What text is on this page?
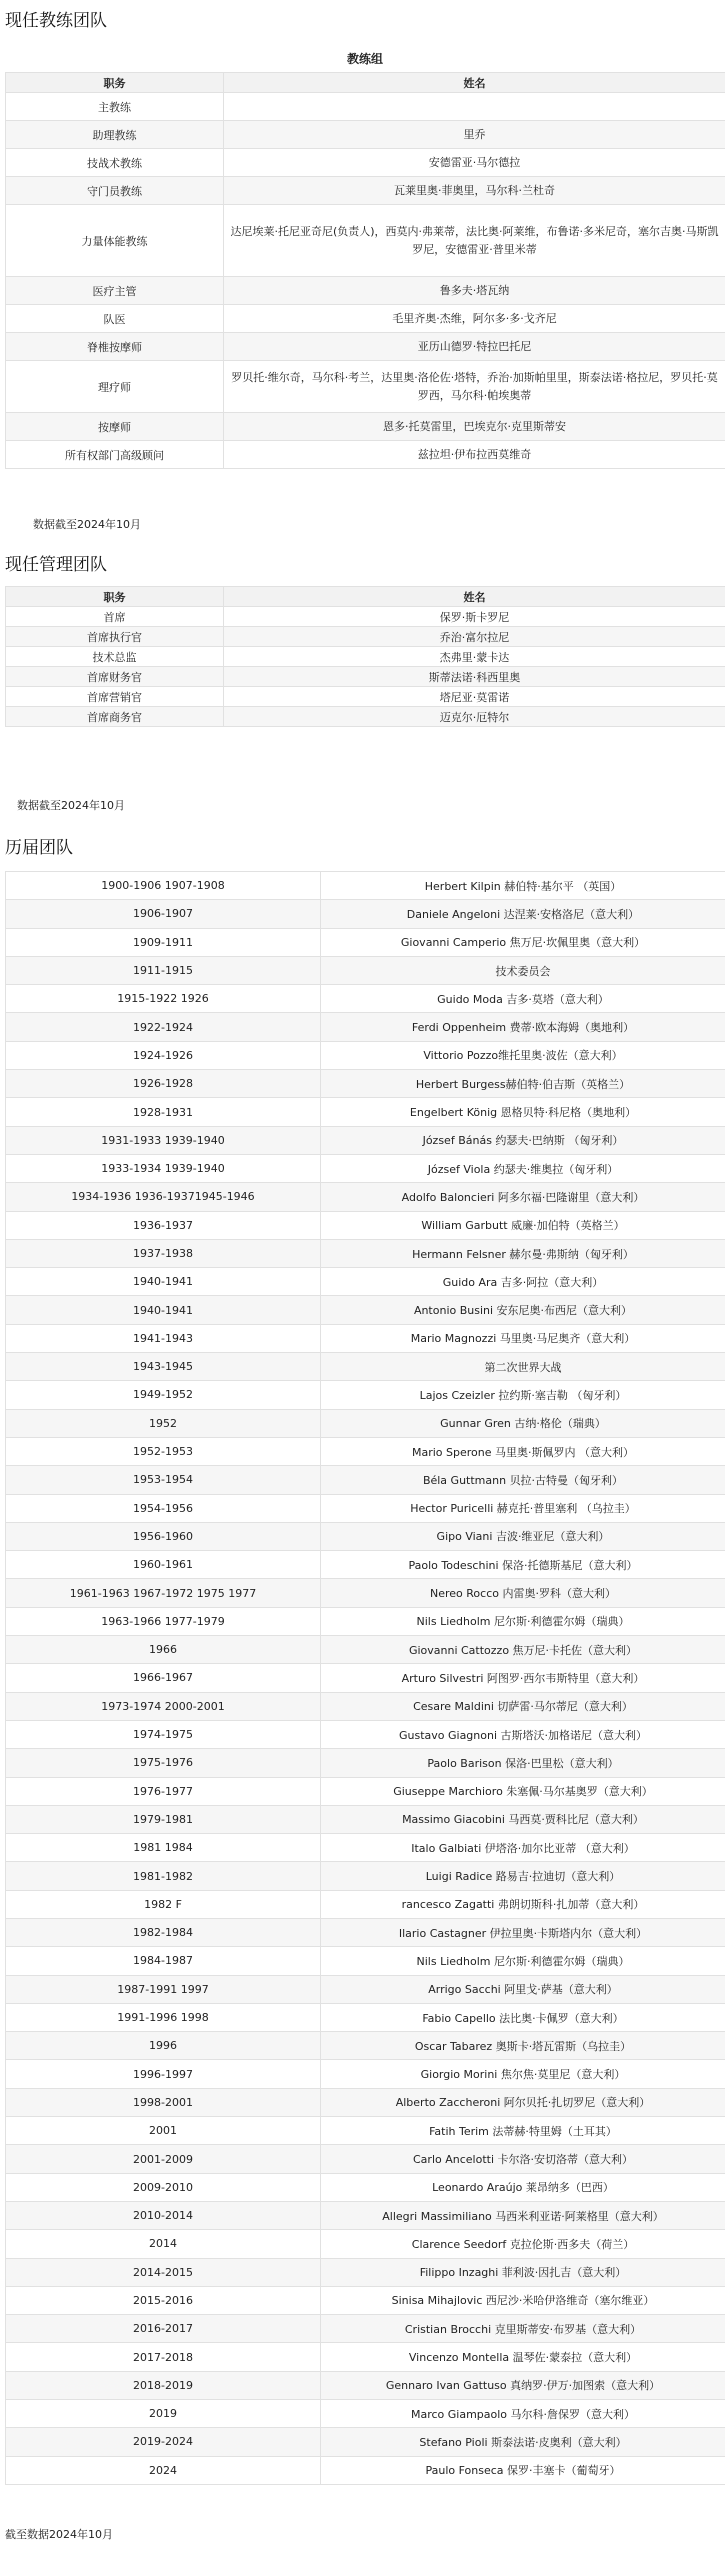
现任教练团队
教练组
职务	姓名
主教练	
助理教练	里乔
技战术教练	安德雷亚·马尔德拉
守门员教练	瓦莱里奥·菲奥里，马尔科·兰杜奇
力量体能教练	达尼埃莱·托尼亚奇尼(负责人)，西莫内·弗莱蒂，法比奥·阿莱维，布鲁诺·多米尼奇，塞尔吉奥·马斯凯罗尼，安德雷亚·普里米蒂
医疗主管	鲁多夫·塔瓦纳
队医	毛里齐奥·杰维，阿尔多·多·戈齐尼
脊椎按摩师	亚历山德罗·特拉巴托尼
理疗师	罗贝托·维尔奇，马尔科·考兰，达里奥·洛伦佐·塔特，乔治·加斯帕里里，斯泰法诺·格拉尼，罗贝托·莫罗西，马尔科·帕埃奥蒂
按摩师	恩多·托莫雷里，巴埃克尔·克里斯蒂安
所有权部门高级顾问	兹拉坦·伊布拉西莫维奇
数据截至2024年10月
现任管理团队
职务	姓名
首席	保罗·斯卡罗尼
首席执行官	乔治·富尔拉尼
技术总监	杰弗里·蒙卡达
首席财务官	斯蒂法诺·科西里奥
首席营销官	塔尼亚·莫雷诺
首席商务官	迈克尔·厄特尔
数据截至2024年10月
历届团队
1900-1906 1907-1908	Herbert Kilpin 赫伯特·基尔平 （英国）
1906-1907	Daniele Angeloni 达涅莱·安格洛尼（意大利）
1909-1911	Giovanni Camperio 焦万尼·坎佩里奥（意大利）
1911-1915	技术委员会
1915-1922 1926	Guido Moda 吉多·莫塔（意大利）
1922-1924	Ferdi Oppenheim 费蒂·欧本海姆（奥地利）
1924-1926	Vittorio Pozzo维托里奥·波佐（意大利）
1926-1928	Herbert Burgess赫伯特·伯吉斯（英格兰）
1928-1931	Engelbert König 恩格贝特·科尼格（奥地利）
1931-1933 1939-1940	József Bánás 约瑟夫·巴纳斯 （匈牙利）
1933-1934 1939-1940	József Viola 约瑟夫·维奥拉（匈牙利）
1934-1936 1936-19371945-1946	Adolfo Baloncieri 阿多尔福·巴隆谢里（意大利）
1936-1937	William Garbutt 威廉·加伯特（英格兰）
1937-1938	Hermann Felsner 赫尔曼·弗斯纳（匈牙利）
1940-1941	Guido Ara 吉多·阿拉（意大利）
1940-1941	Antonio Busini 安东尼奥·布西尼（意大利）
1941-1943	Mario Magnozzi 马里奥·马尼奥齐（意大利）
1943-1945	第二次世界大战
1949-1952	Lajos Czeizler 拉约斯·塞吉勒 （匈牙利）
1952	Gunnar Gren 古纳·格伦（瑞典）
1952-1953	Mario Sperone 马里奥·斯佩罗内 （意大利）
1953-1954	Béla Guttmann 贝拉·古特曼（匈牙利）
1954-1956	Hector Puricelli 赫克托·普里塞利 （乌拉圭）
1956-1960	Gipo Viani 吉波·维亚尼（意大利）
1960-1961	Paolo Todeschini 保洛·托德斯基尼（意大利）
1961-1963 1967-1972 1975 1977	Nereo Rocco 内雷奥·罗科（意大利）
1963-1966 1977-1979	Nils Liedholm 尼尔斯·利德霍尔姆（瑞典）
1966	Giovanni Cattozzo 焦万尼·卡托佐（意大利）
1966-1967	Arturo Silvestri 阿图罗·西尔韦斯特里（意大利）
1973-1974 2000-2001	Cesare Maldini 切萨雷·马尔蒂尼（意大利）
1974-1975	Gustavo Giagnoni 古斯塔沃·加格诺尼（意大利）
1975-1976	Paolo Barison 保洛·巴里松（意大利）
1976-1977	Giuseppe Marchioro 朱塞佩·马尔基奥罗（意大利）
1979-1981	Massimo Giacobini 马西莫·贾科比尼（意大利）
1981 1984	Italo Galbiati 伊塔洛·加尔比亚蒂 （意大利）
1981-1982	Luigi Radice 路易吉·拉迪切（意大利）
1982 F	rancesco Zagatti 弗朗切斯科·扎加蒂（意大利）
1982-1984	Ilario Castagner 伊拉里奥·卡斯塔内尔（意大利）
1984-1987	Nils Liedholm 尼尔斯·利德霍尔姆（瑞典）
1987-1991 1997	Arrigo Sacchi 阿里戈·萨基（意大利）
1991-1996 1998	Fabio Capello 法比奥·卡佩罗（意大利）
1996	Oscar Tabarez 奥斯卡·塔瓦雷斯（乌拉圭）
1996-1997	Giorgio Morini 焦尔焦·莫里尼（意大利）
1998-2001	Alberto Zaccheroni 阿尔贝托·扎切罗尼（意大利）
2001	Fatih Terim 法蒂赫·特里姆（土耳其）
2001-2009	Carlo Ancelotti 卡尔洛·安切洛蒂（意大利）
2009-2010	Leonardo Araújo 莱昂纳多（巴西）
2010-2014	Allegri Massimiliano 马西米利亚诺·阿莱格里（意大利）
2014	Clarence Seedorf 克拉伦斯·西多夫（荷兰）
2014-2015	Filippo Inzaghi 菲利波·因扎吉（意大利）
2015-2016	Sinisa Mihajlovic 西尼沙·米哈伊洛维奇（塞尔维亚）
2016-2017	Cristian Brocchi 克里斯蒂安·布罗基（意大利）
2017-2018	Vincenzo Montella 温琴佐·蒙泰拉（意大利）
2018-2019	Gennaro Ivan Gattuso 真纳罗·伊万·加图索（意大利）
2019	Marco Giampaolo 马尔科·詹保罗（意大利）
2019-2024	Stefano Pioli 斯泰法诺·皮奥利（意大利）
2024	Paulo Fonseca 保罗·丰塞卡（葡萄牙）
截至数据2024年10月
